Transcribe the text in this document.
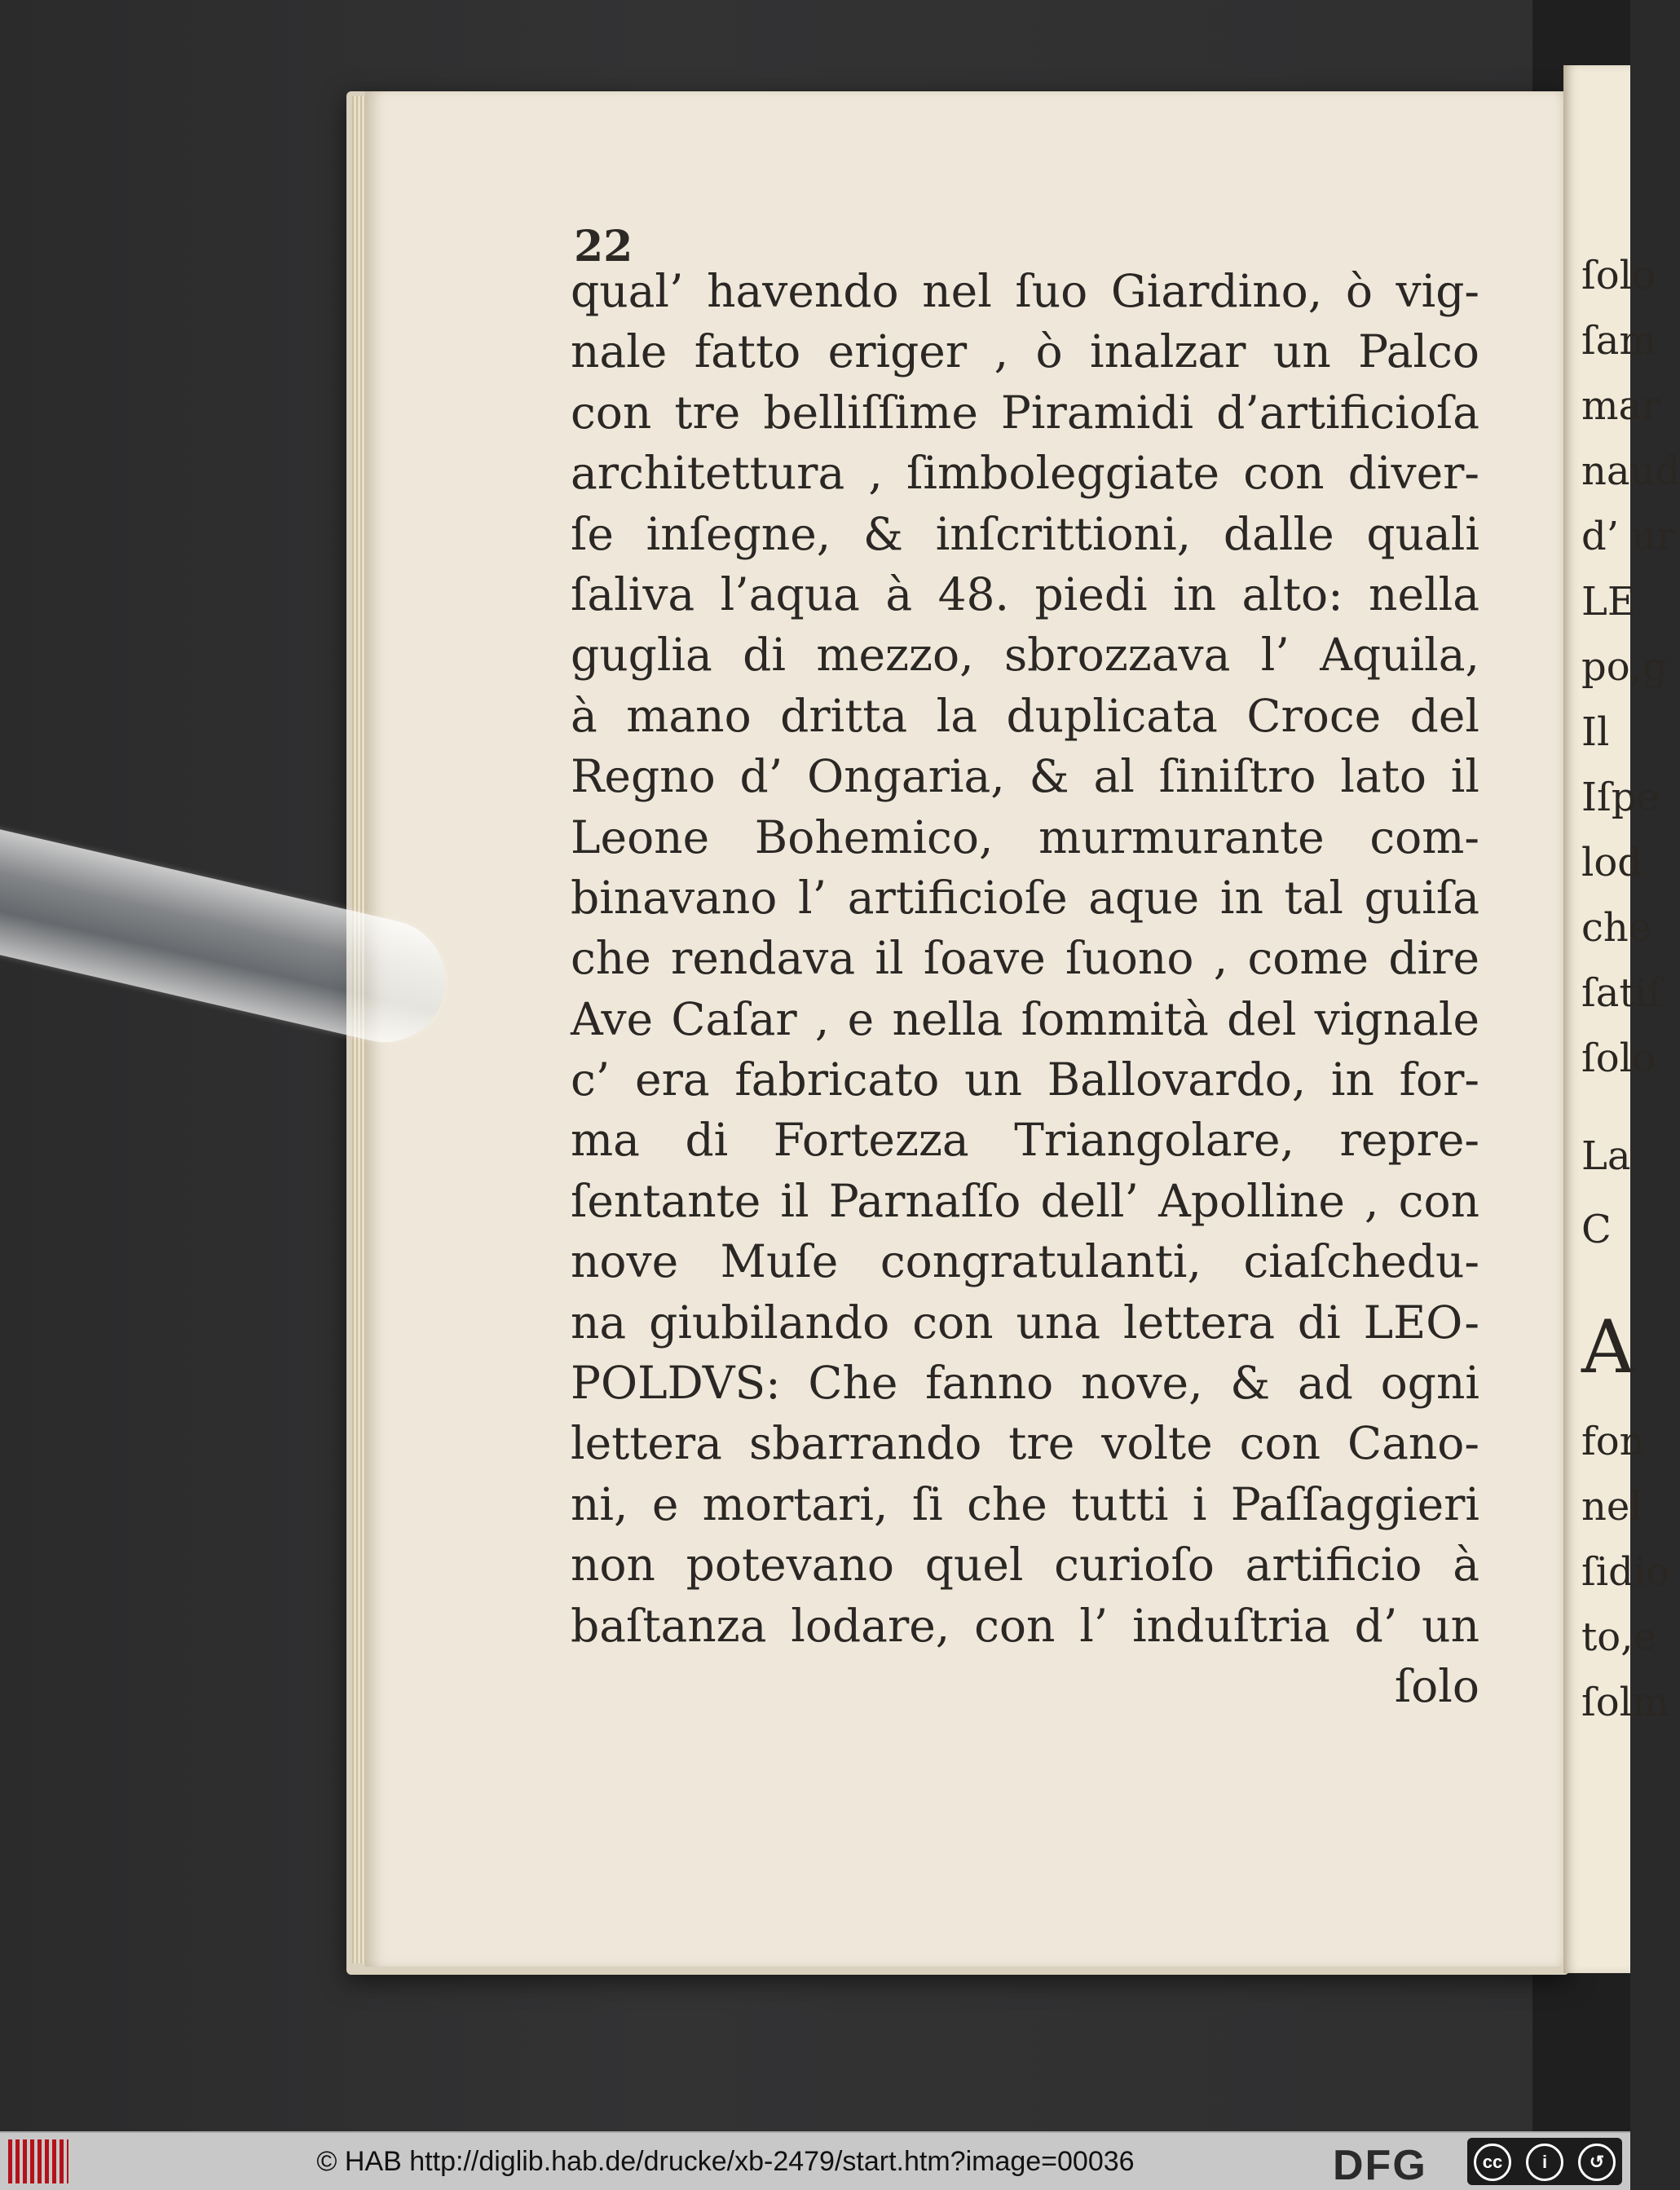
ſolo
ſam
mar
naud
d’ ur
LE
po,g
Il
Iſpe
lod
che
ſatiſ
ſolo
La
C
A
fon
nel
ſidio
to,e
ſolm
22
qual’ havendo nel ſuo Giardino, ò vig-
nale fatto eriger , ò inalzar un Palco
con tre belliſſime Piramidi d’artificioſa
architettura , ſimboleggiate con diver-
ſe inſegne, & inſcrittioni, dalle quali
ſaliva l’aqua à 48. piedi in alto: nella
guglia di mezzo, sbrozzava l’ Aquila,
à mano dritta la duplicata Croce del
Regno d’ Ongaria, & al ſiniſtro lato il
Leone Bohemico, murmurante com-
binavano l’ artificioſe aque in tal guiſa
che rendava il ſoave ſuono , come dire
Ave Caſar , e nella ſommità del vignale
c’ era fabricato un Ballovardo, in for-
ma di Fortezza Triangolare, repre-
ſentante il Parnaſſo dell’ Apolline , con
nove Muſe congratulanti, ciaſchedu-
na giubilando con una lettera di LEO-
POLDVS: Che fanno nove, & ad ogni
lettera sbarrando tre volte con Cano-
ni, e mortari, ſi che tutti i Paſſaggieri
non potevano quel curioſo artificio à
baſtanza lodare, con l’ induſtria d’ un
ſolo
© HAB http://diglib.hab.de/drucke/xb-2479/start.htm?image=00036	DFG	cc	i	↺
